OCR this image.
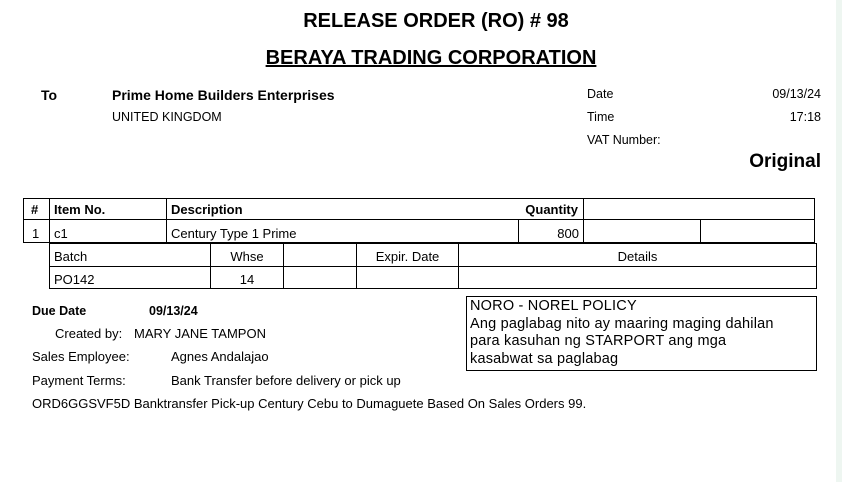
RELEASE ORDER (RO) # 98
BERAYA TRADING CORPORATION
To	Prime Home Builders Enterprises
UNITED KINGDOM
Date	09/13/24
Time	17:18
VAT Number:
Original
# Item No.	Description	Quantity
1 c1	Century Type 1 Prime	800
Batch	Whse	Expir. Date	Details
PO142	14
Due Date	09/13/24
Created by: MARY JANE TAMPON
Sales Employee:	Agnes Andalajao
Payment Terms:	Bank Transfer before delivery or pick up
ORD6GGSVF5D Banktransfer Pick-up Century Cebu to Dumaguete Based On Sales Orders 99.
NORO - NOREL POLICY
Ang paglabag nito ay maaring maging dahilan
para kasuhan ng STARPORT ang mga
kasabwat sa paglabag
